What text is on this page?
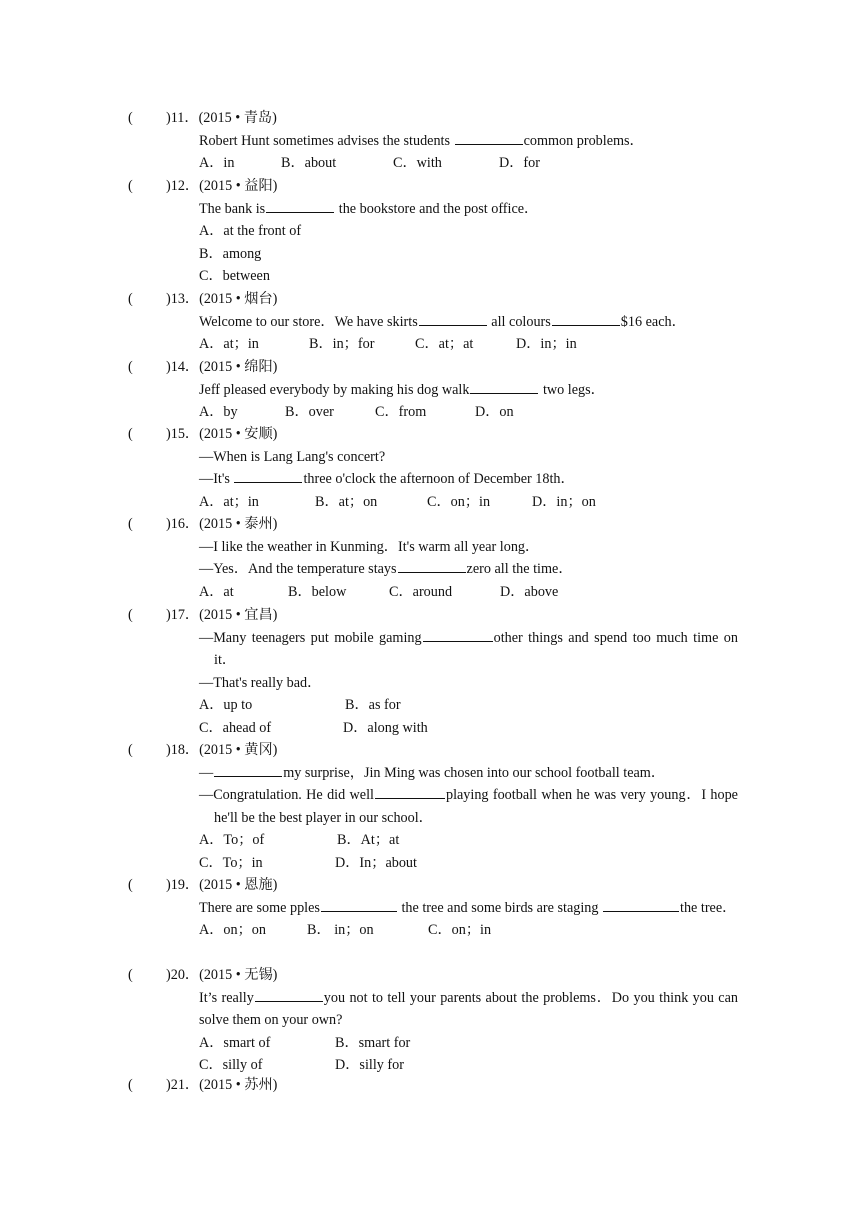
( )11．(2015 • 青岛)
Robert Hunt sometimes advises the students	common problems．
A．in	B．about	C．with	D．for
( )12．(2015 • 益阳)
The bank is	the bookstore and the post office．
A．at the front of
B．among
C．between
( )13．(2015 • 烟台)
Welcome to our store．We have skirts	all colours	$16 each．
A．at；in	B．in；for	C．at；at	D．in；in
( )14．(2015 • 绵阳)
Jeff pleased everybody by making his dog walk	two legs．
A．by	B．over	C．from	D．on
( )15．(2015 • 安顺)
—When is Lang Lang's concert?
—It's	three o'clock the afternoon of December 18th．
A．at；in	B．at；on	C．on；in	D．in；on
( )16．(2015 • 泰州)
—I like the weather in Kunming．It's warm all year long．
—Yes．And the temperature stays	zero all the time．
A．at	B．below	C．around	D．above
( )17．(2015 • 宜昌)
—Many teenagers put mobile gaming	other things and spend too much time on it．
—That's really bad．
A．up to	B．as for
C．ahead of	D．along with
( )18．(2015 • 黄冈)
—	my surprise，Jin Ming was chosen into our school football team．
—Congratulation. He did well	playing football when he was very young．I hope he'll be the best player in our school．
A．To；of	B．At；at
C．To；in	D．In；about
( )19．(2015 • 恩施)
There are some pples	the tree and some birds are staging	the tree．
A．on；on	B． in；on	C．on；in
( )20．(2015 • 无锡)
It’s really	you not to tell your parents about the problems．Do you think you can solve them on your own?
A．smart of	B．smart for
C．silly of	D．silly for
( )21．(2015 • 苏州)
